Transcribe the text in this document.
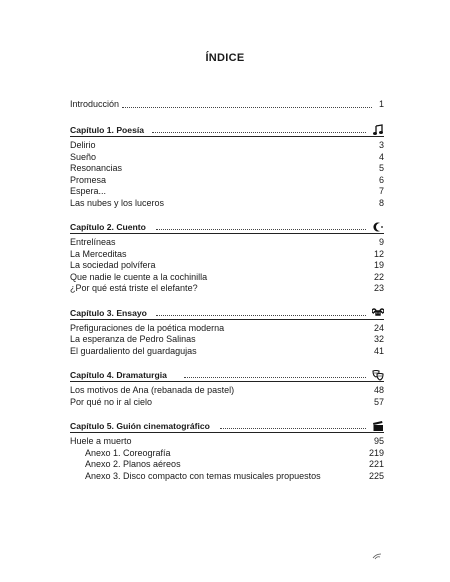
ÍNDICE
Introducción	1
Capítulo 1. Poesía
Delirio	3
Sueño	4
Resonancias	5
Promesa	6
Espera...	7
Las nubes y los luceros	8
Capítulo 2. Cuento
Entrelíneas	9
La Merceditas	12
La sociedad polvífera	19
Que nadie le cuente a la cochinilla	22
¿Por qué está triste el elefante?	23
Capítulo 3. Ensayo
Prefiguraciones de la poética moderna	24
La esperanza de Pedro Salinas	32
El guardaliento del guardagujas	41
Capítulo 4. Dramaturgia
Los motivos de Ana (rebanada de pastel)	48
Por qué no ir al cielo	57
Capítulo 5. Guión cinematográfico
Huele a muerto	95
Anexo 1. Coreografía	219
Anexo 2. Planos aéreos	221
Anexo 3. Disco compacto con temas musicales propuestos	225
